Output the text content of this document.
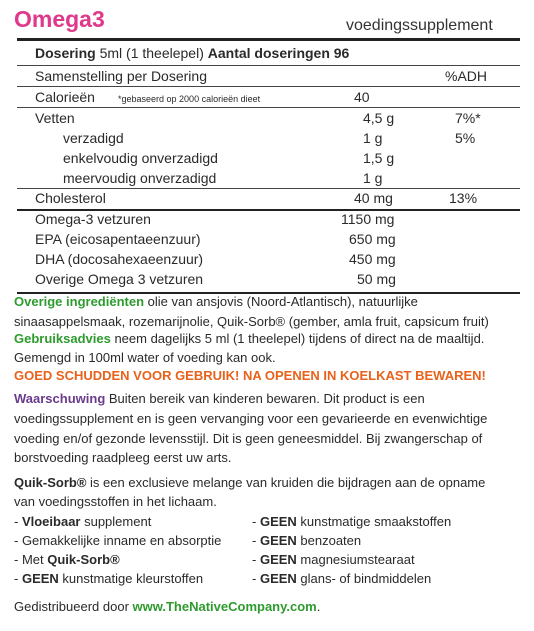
Omega3	voedingssupplement
Dosering 5ml (1 theelepel) Aantal doseringen 96
Samenstelling per Dosering	%ADH
Calorieën	*gebaseerd op 2000 calorieën dieet	40
Vetten	4,5 g	7%*
verzadigd	1 g	5%
enkelvoudig onverzadigd	1,5 g
meervoudig onverzadigd	1 g
Cholesterol	40 mg	13%
Omega-3 vetzuren	1150 mg
EPA (eicosapentaeenzuur)	650 mg
DHA (docosahexaeenzuur)	450 mg
Overige Omega 3 vetzuren	50 mg
Overige ingrediënten olie van ansjovis (Noord-Atlantisch), natuurlijke
sinaasappelsmaak, rozemarijnolie, Quik-Sorb® (gember, amla fruit, capsicum fruit)
Gebruiksadvies neem dagelijks 5 ml (1 theelepel) tijdens of direct na de maaltijd.
Gemengd in 100ml water of voeding kan ook.
GOED SCHUDDEN VOOR GEBRUIK! NA OPENEN IN KOELKAST BEWAREN!
Waarschuwing Buiten bereik van kinderen bewaren. Dit product is een
voedingssupplement en is geen vervanging voor een gevarieerde en evenwichtige
voeding en/of gezonde levensstijl. Dit is geen geneesmiddel. Bij zwangerschap of
borstvoeding raadpleeg eerst uw arts.
Quik-Sorb® is een exclusieve melange van kruiden die bijdragen aan de opname
van voedingsstoffen in het lichaam.
- Vloeibaar supplement
- Gemakkelijke inname en absorptie
- Met Quik-Sorb®
- GEEN kunstmatige kleurstoffen
- GEEN kunstmatige smaakstoffen
- GEEN benzoaten
- GEEN magnesiumstearaat
- GEEN glans- of bindmiddelen
Gedistribueerd door www.TheNativeCompany.com.
